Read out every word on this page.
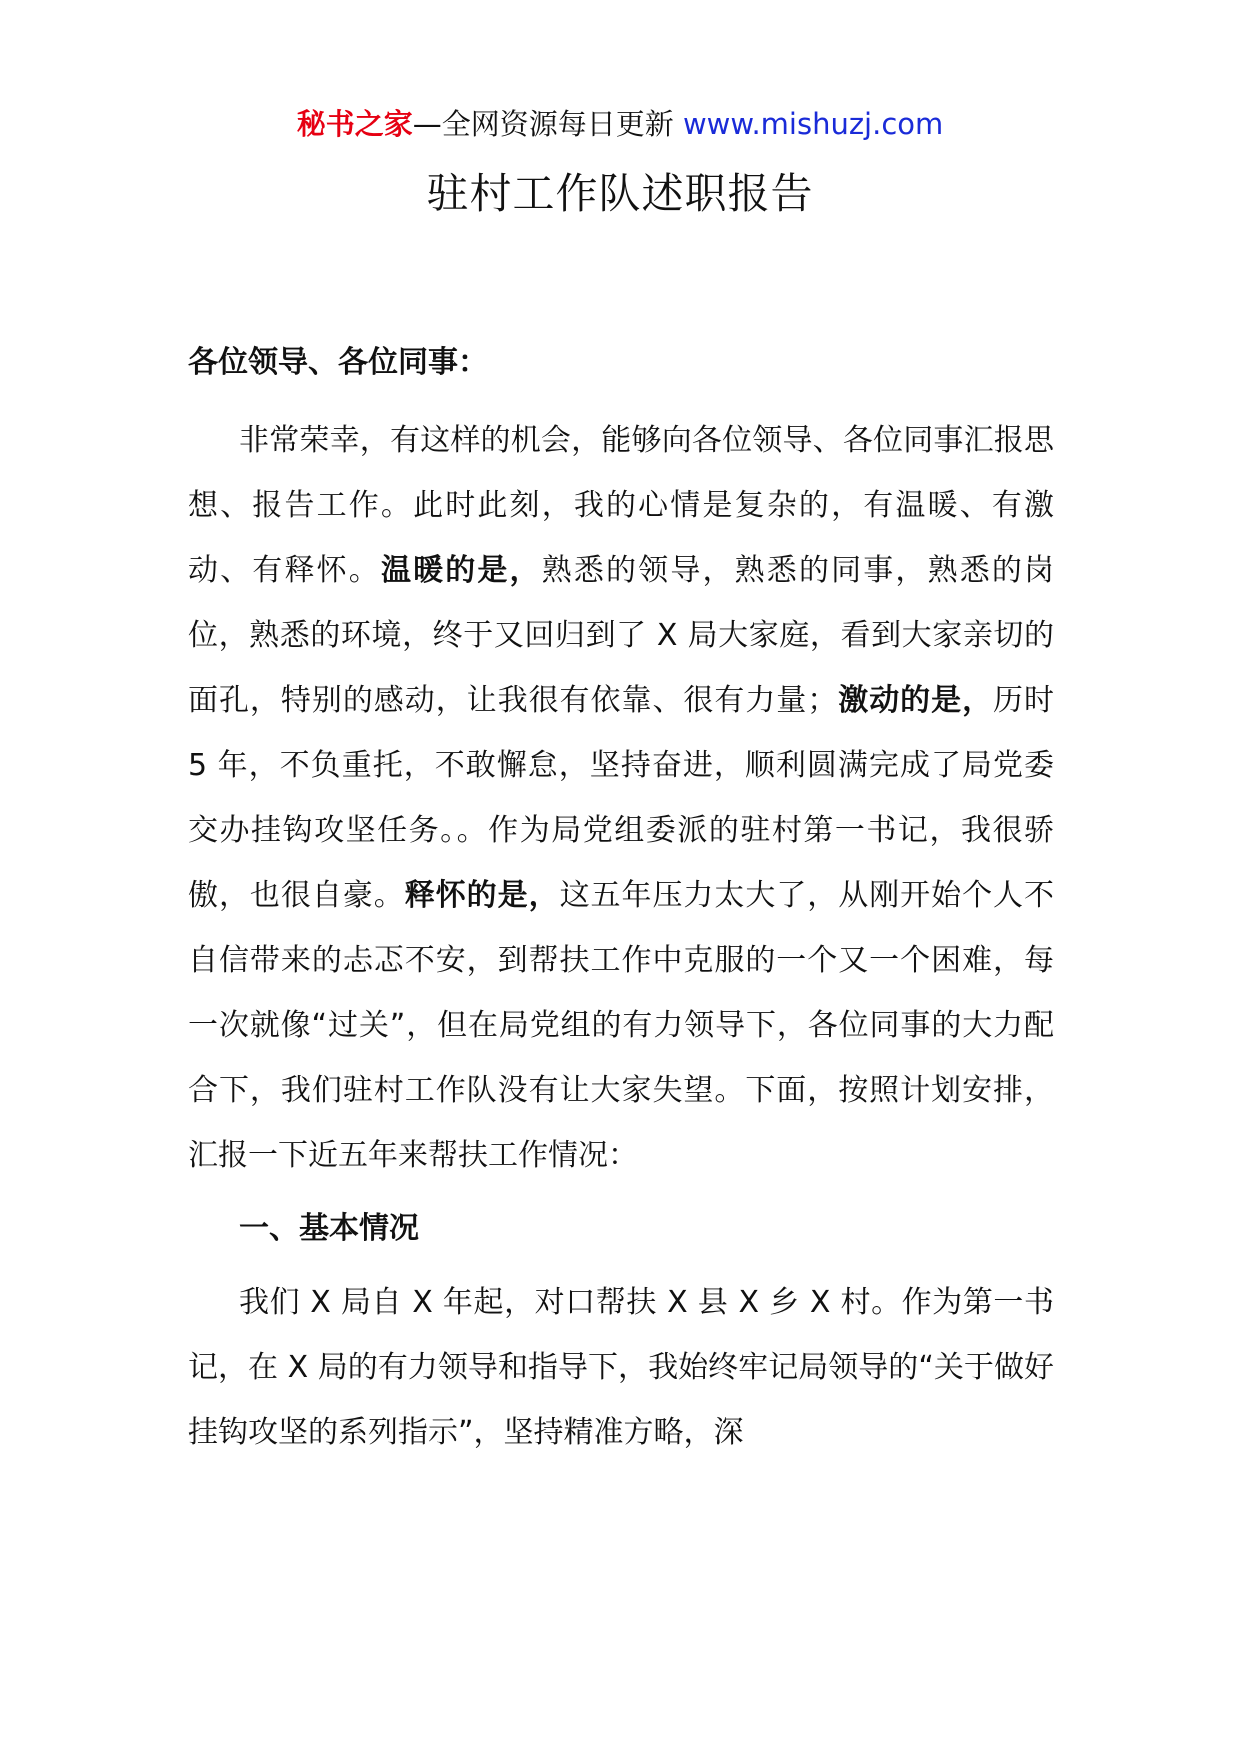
秘书之家—全网资源每日更新 www.mishuzj.com
驻村工作队述职报告

各位领导、各位同事：

非常荣幸，有这样的机会，能够向各位领导、各位同事汇报思想、报告工作。此时此刻，我的心情是复杂的，有温暖、有激动、有释怀。温暖的是，熟悉的领导，熟悉的同事，熟悉的岗位，熟悉的环境，终于又回归到了 X 局大家庭，看到大家亲切的面孔，特别的感动，让我很有依靠、很有力量；激动的是，历时 5 年，不负重托，不敢懈怠，坚持奋进，顺利圆满完成了局党委交办挂钩攻坚任务。。作为局党组委派的驻村第一书记，我很骄傲，也很自豪。释怀的是，这五年压力太大了，从刚开始个人不自信带来的忐忑不安，到帮扶工作中克服的一个又一个困难，每一次就像“过关”，但在局党组的有力领导下，各位同事的大力配合下，我们驻村工作队没有让大家失望。下面，按照计划安排，汇报一下近五年来帮扶工作情况：

一、基本情况

我们 X 局自 X 年起，对口帮扶 X 县 X 乡 X 村。作为第一书记，在 X 局的有力领导和指导下，我始终牢记局领导的“关于做好挂钩攻坚的系列指示”，坚持精准方略，深
